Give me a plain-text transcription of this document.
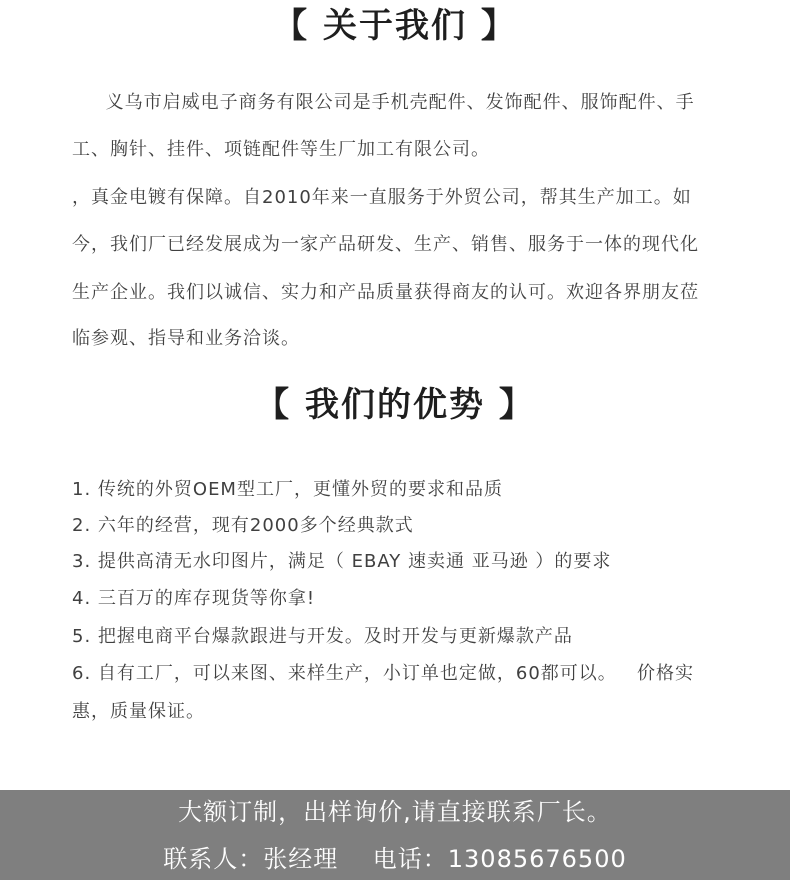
【 关于我们 】
义乌市启威电子商务有限公司是手机壳配件、发饰配件、服饰配件、手
工、胸针、挂件、项链配件等生厂加工有限公司。
，真金电镀有保障。自2010年来一直服务于外贸公司，帮其生产加工。如
今，我们厂已经发展成为一家产品研发、生产、销售、服务于一体的现代化
生产企业。我们以诚信、实力和产品质量获得商友的认可。欢迎各界朋友莅
临参观、指导和业务洽谈。
【 我们的优势 】
1. 传统的外贸OEM型工厂，更懂外贸的要求和品质
2. 六年的经营，现有2000多个经典款式
3. 提供高清无水印图片，满足（ EBAY 速卖通 亚马逊 ）的要求
4. 三百万的库存现货等你拿!
5. 把握电商平台爆款跟进与开发。及时开发与更新爆款产品
6. 自有工厂，可以来图、来样生产，小订单也定做，60都可以。   价格实
惠，质量保证。
大额订制，出样询价,请直接联系厂长。
联系人：张经理    电话：13085676500
